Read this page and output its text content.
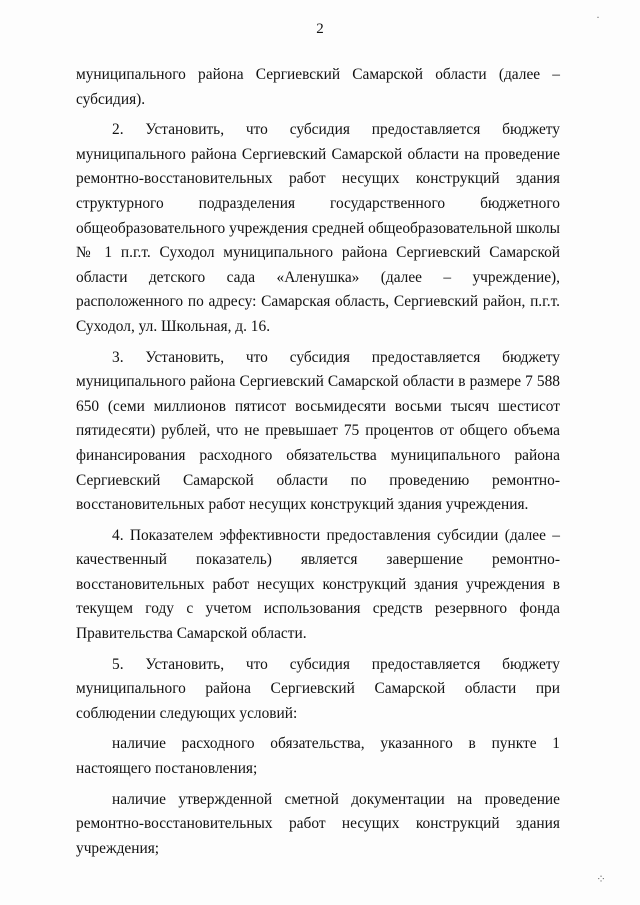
·
2

муниципального района Сергиевский Самарской области (далее – субсидия).

2. Установить, что субсидия предоставляется бюджету муниципального района Сергиевский Самарской области на проведение ремонтно-восстановительных работ несущих конструкций здания структурного подразделения государственного бюджетного общеобразовательного учреждения средней общеобразовательной школы № 1 п.г.т. Суходол муниципального района Сергиевский Самарской области детского сада «Аленушка» (далее – учреждение), расположенного по адресу: Самарская область, Сергиевский район, п.г.т. Суходол, ул. Школьная, д. 16.

3. Установить, что субсидия предоставляется бюджету муниципального района Сергиевский Самарской области в размере 7 588 650 (семи миллионов пятисот восьмидесяти восьми тысяч шестисот пятидесяти) рублей, что не превышает 75 процентов от общего объема финансирования расходного обязательства муниципального района Сергиевский Самарской области по проведению ремонтно-восстановительных работ несущих конструкций здания учреждения.

4. Показателем эффективности предоставления субсидии (далее – качественный показатель) является завершение ремонтно-восстановительных работ несущих конструкций здания учреждения в текущем году с учетом использования средств резервного фонда Правительства Самарской области.

5. Установить, что субсидия предоставляется бюджету муниципального района Сергиевский Самарской области при соблюдении следующих условий:

наличие расходного обязательства, указанного в пункте 1 настоящего постановления;

наличие утвержденной сметной документации на проведение ремонтно-восстановительных работ несущих конструкций здания учреждения;

⁘
